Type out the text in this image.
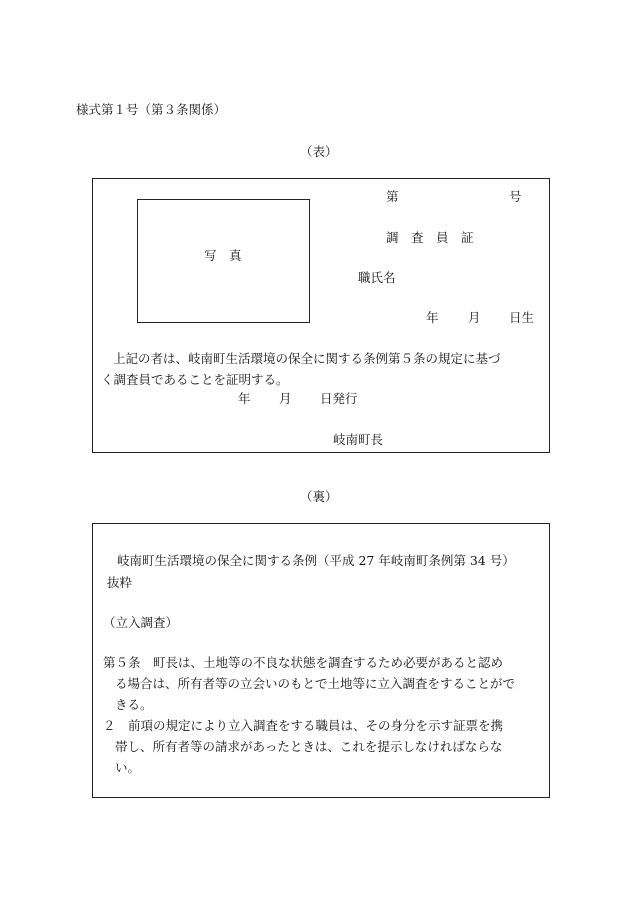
様式第１号（第３条関係）
（表）
第	号
調　査　員　証
写　真
職氏名
年 月 日生
上記の者は、岐南町生活環境の保全に関する条例第５条の規定に基づ
く調査員であることを証明する。
年 月 日発行
岐南町長
（裏）
岐南町生活環境の保全に関する条例（平成 27 年岐南町条例第 34 号）
抜粋
（立入調査）
第５条　町長は、土地等の不良な状態を調査するため必要があると認め
る場合は、所有者等の立会いのもとで土地等に立入調査をすることがで
きる。
２　前項の規定により立入調査をする職員は、その身分を示す証票を携
帯し、所有者等の請求があったときは、これを提示しなければならな
い。
